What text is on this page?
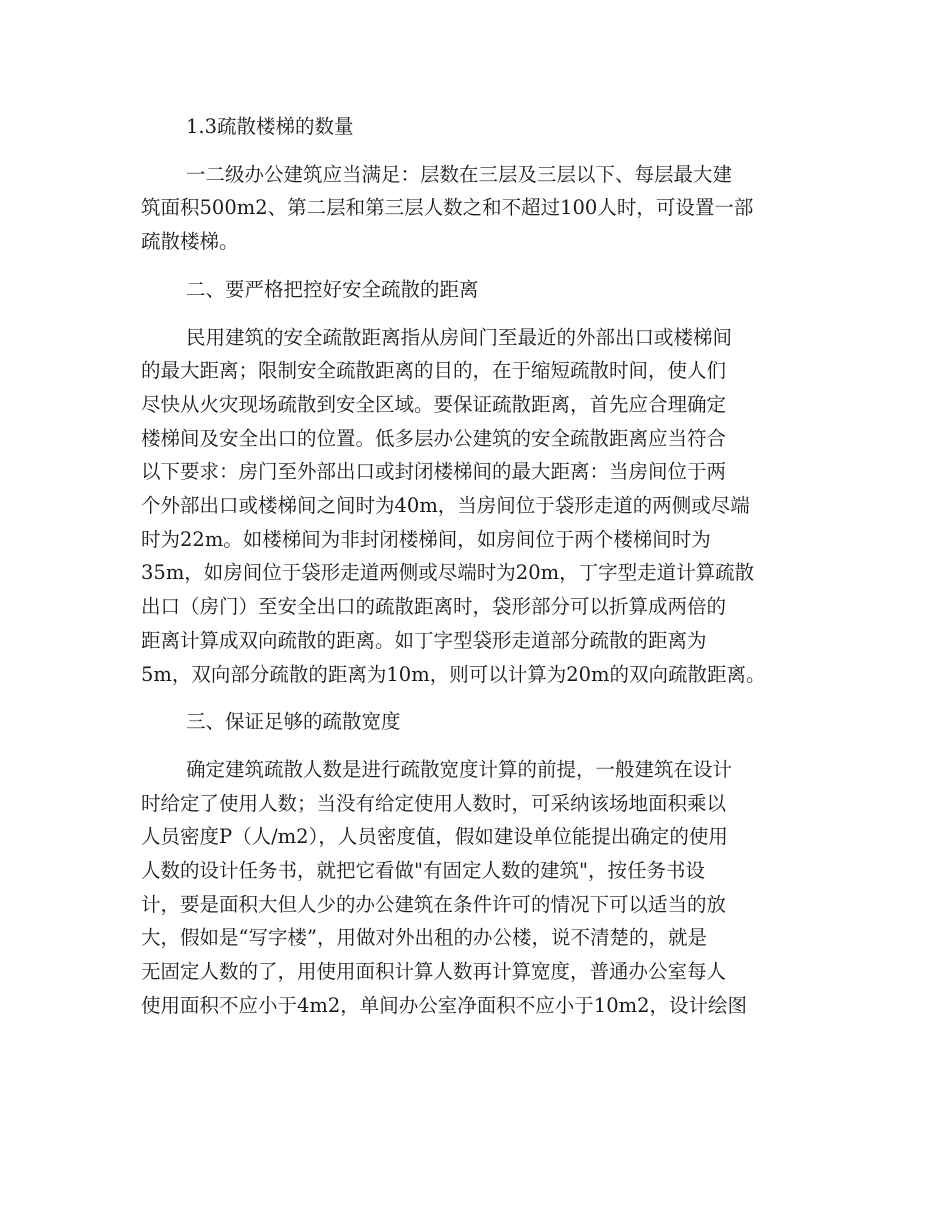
1.3疏散楼梯的数量
一二级办公建筑应当满足：层数在三层及三层以下、每层最大建
筑面积500m2、第二层和第三层人数之和不超过100人时，可设置一部
疏散楼梯。
二、要严格把控好安全疏散的距离
民用建筑的安全疏散距离指从房间门至最近的外部出口或楼梯间
的最大距离；限制安全疏散距离的目的，在于缩短疏散时间，使人们
尽快从火灾现场疏散到安全区域。要保证疏散距离，首先应合理确定
楼梯间及安全出口的位置。低多层办公建筑的安全疏散距离应当符合
以下要求：房门至外部出口或封闭楼梯间的最大距离：当房间位于两
个外部出口或楼梯间之间时为40m，当房间位于袋形走道的两侧或尽端
时为22m。如楼梯间为非封闭楼梯间，如房间位于两个楼梯间时为
35m，如房间位于袋形走道两侧或尽端时为20m，丁字型走道计算疏散
出口（房门）至安全出口的疏散距离时，袋形部分可以折算成两倍的
距离计算成双向疏散的距离。如丁字型袋形走道部分疏散的距离为
5m，双向部分疏散的距离为10m，则可以计算为20m的双向疏散距离。
三、保证足够的疏散宽度
确定建筑疏散人数是进行疏散宽度计算的前提，一般建筑在设计
时给定了使用人数；当没有给定使用人数时，可采纳该场地面积乘以
人员密度P（人/m2），人员密度值，假如建设单位能提出确定的使用
人数的设计任务书，就把它看做"有固定人数的建筑"，按任务书设
计，要是面积大但人少的办公建筑在条件许可的情况下可以适当的放
大，假如是“写字楼”，用做对外出租的办公楼，说不清楚的，就是
无固定人数的了，用使用面积计算人数再计算宽度，普通办公室每人
使用面积不应小于4m2，单间办公室净面积不应小于10m2，设计绘图
